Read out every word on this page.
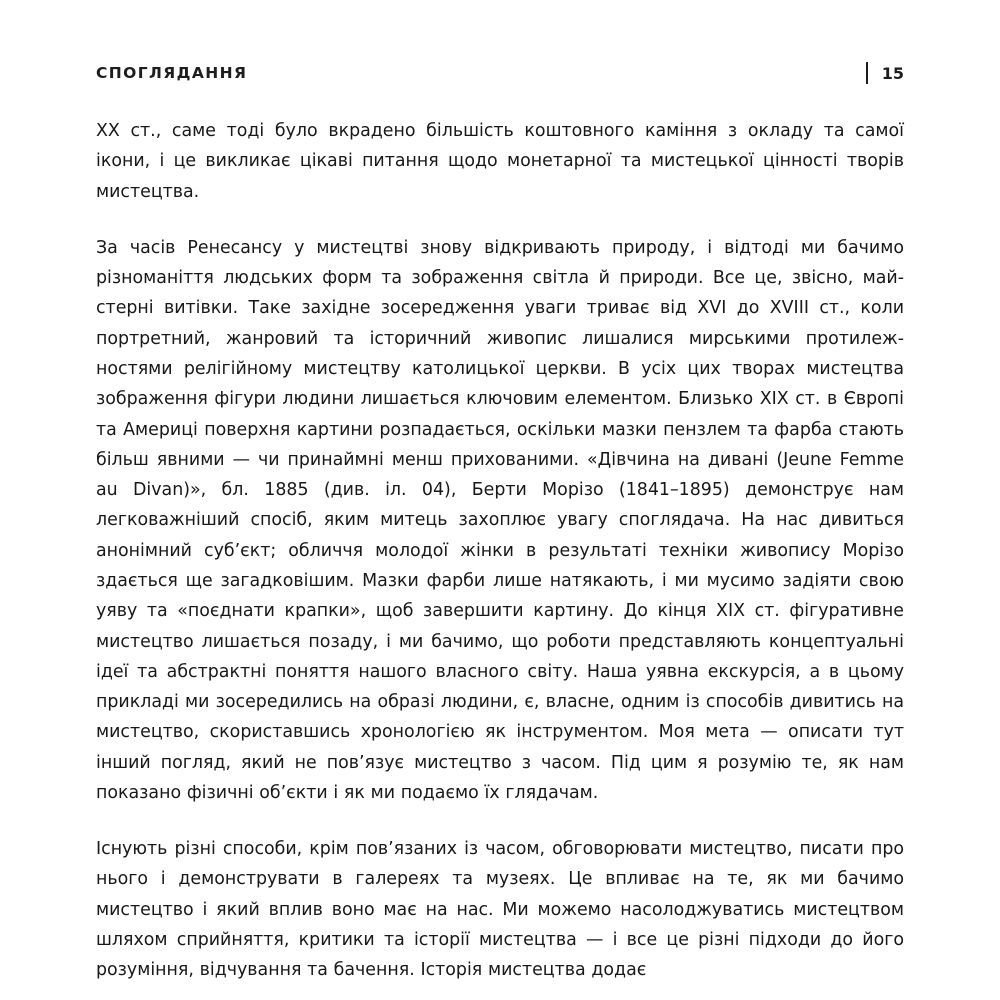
СПОГЛЯДАННЯ	15

XX ст., саме тоді було вкрадено більшість коштовного каміння з окладу та самої ікони, і це викликає цікаві питання щодо монетарної та мистецької цінності творів мистецтва.

За часів Ренесансу у мистецтві знову відкривають природу, і відтоді ми бачимо різноманіття людських форм та зображення світла й природи. Все це, звісно, майстерні витівки. Таке західне зосередження уваги триває від XVI до XVIII ст., коли портретний, жанровий та історичний живопис лишалися мирськими протилежностями релігійному мистецтву католицької церкви. В усіх цих творах мистецтва зображення фігури людини лишається ключовим елементом. Близько XIX ст. в Європі та Америці поверхня картини розпадається, оскільки мазки пензлем та фарба стають більш явними — чи принаймні менш прихованими. «Дівчина на дивані (Jeune Femme au Divan)», бл. 1885 (див. іл. 04), Берти Морізо (1841–1895) демонструє нам легковажніший спосіб, яким митець захоплює увагу споглядача. На нас дивиться анонімний суб’єкт; обличчя молодої жінки в результаті техніки живопису Морізо здається ще загадковішим. Мазки фарби лише натякають, і ми мусимо задіяти свою уяву та «поєднати крапки», щоб завершити картину. До кінця XIX ст. фігуративне мистецтво лишається позаду, і ми бачимо, що роботи представляють концептуальні ідеї та абстрактні поняття нашого власного світу. Наша уявна екскурсія, а в цьому прикладі ми зосередились на образі людини, є, власне, одним із способів дивитись на мистецтво, скориставшись хронологією як інструментом. Моя мета — описати тут інший погляд, який не пов’язує мистецтво з часом. Під цим я розумію те, як нам показано фізичні об’єкти і як ми подаємо їх глядачам.

Існують різні способи, крім пов’язаних із часом, обговорювати мистецтво, писати про нього і демонструвати в галереях та музеях. Це впливає на те, як ми бачимо мистецтво і який вплив воно має на нас. Ми можемо насолоджуватись мистецтвом шляхом сприйняття, критики та історії мистецтва — і все це різні підходи до його розуміння, відчування та бачення. Історія мистецтва додає
